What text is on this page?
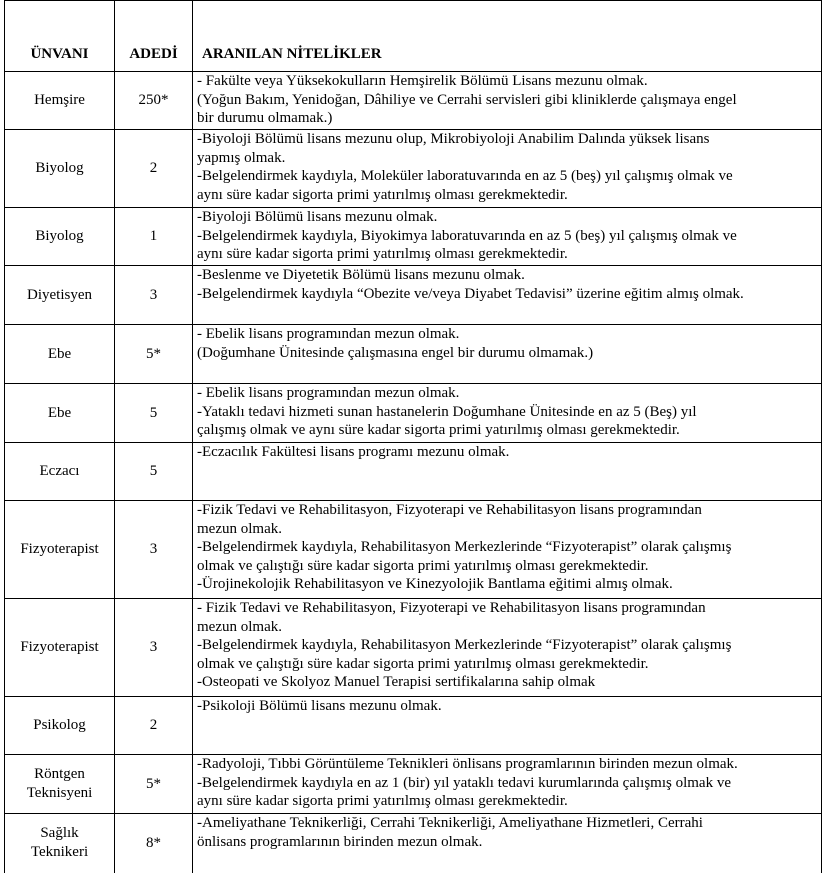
ÜNVANI	ADEDİ	ARANILAN NİTELİKLER

Hemşire	250*	- Fakülte veya Yüksekokulların Hemşirelik Bölümü Lisans mezunu olmak.
(Yoğun Bakım, Yenidoğan, Dâhiliye ve Cerrahi servisleri gibi kliniklerde çalışmaya engel
bir durumu olmamak.)

Biyolog	2	-Biyoloji Bölümü lisans mezunu olup, Mikrobiyoloji Anabilim Dalında yüksek lisans
yapmış olmak.
-Belgelendirmek kaydıyla, Moleküler laboratuvarında en az 5 (beş) yıl çalışmış olmak ve
aynı süre kadar sigorta primi yatırılmış olması gerekmektedir.

Biyolog	1	-Biyoloji Bölümü lisans mezunu olmak.
-Belgelendirmek kaydıyla, Biyokimya laboratuvarında en az 5 (beş) yıl çalışmış olmak ve
aynı süre kadar sigorta primi yatırılmış olması gerekmektedir.

Diyetisyen	3	-Beslenme ve Diyetetik Bölümü lisans mezunu olmak.
-Belgelendirmek kaydıyla “Obezite ve/veya Diyabet Tedavisi” üzerine eğitim almış olmak.

Ebe	5*	- Ebelik lisans programından mezun olmak.
(Doğumhane Ünitesinde çalışmasına engel bir durumu olmamak.)

Ebe	5	- Ebelik lisans programından mezun olmak.
-Yataklı tedavi hizmeti sunan hastanelerin Doğumhane Ünitesinde en az 5 (Beş) yıl
çalışmış olmak ve aynı süre kadar sigorta primi yatırılmış olması gerekmektedir.

Eczacı	5	-Eczacılık Fakültesi lisans programı mezunu olmak.

Fizyoterapist	3	-Fizik Tedavi ve Rehabilitasyon, Fizyoterapi ve Rehabilitasyon lisans programından
mezun olmak.
-Belgelendirmek kaydıyla, Rehabilitasyon Merkezlerinde “Fizyoterapist” olarak çalışmış
olmak ve çalıştığı süre kadar sigorta primi yatırılmış olması gerekmektedir.
-Ürojinekolojik Rehabilitasyon ve Kinezyolojik Bantlama eğitimi almış olmak.

Fizyoterapist	3	- Fizik Tedavi ve Rehabilitasyon, Fizyoterapi ve Rehabilitasyon lisans programından
mezun olmak.
-Belgelendirmek kaydıyla, Rehabilitasyon Merkezlerinde “Fizyoterapist” olarak çalışmış
olmak ve çalıştığı süre kadar sigorta primi yatırılmış olması gerekmektedir.
-Osteopati ve Skolyoz Manuel Terapisi sertifikalarına sahip olmak

Psikolog	2	-Psikoloji Bölümü lisans mezunu olmak.

Röntgen
Teknisyeni	5*	-Radyoloji, Tıbbi Görüntüleme Teknikleri önlisans programlarının birinden mezun olmak.
-Belgelendirmek kaydıyla en az 1 (bir) yıl yataklı tedavi kurumlarında çalışmış olmak ve
aynı süre kadar sigorta primi yatırılmış olması gerekmektedir.

Sağlık
Teknikeri	8*	-Ameliyathane Teknikerliği, Cerrahi Teknikerliği, Ameliyathane Hizmetleri, Cerrahi
önlisans programlarının birinden mezun olmak.
